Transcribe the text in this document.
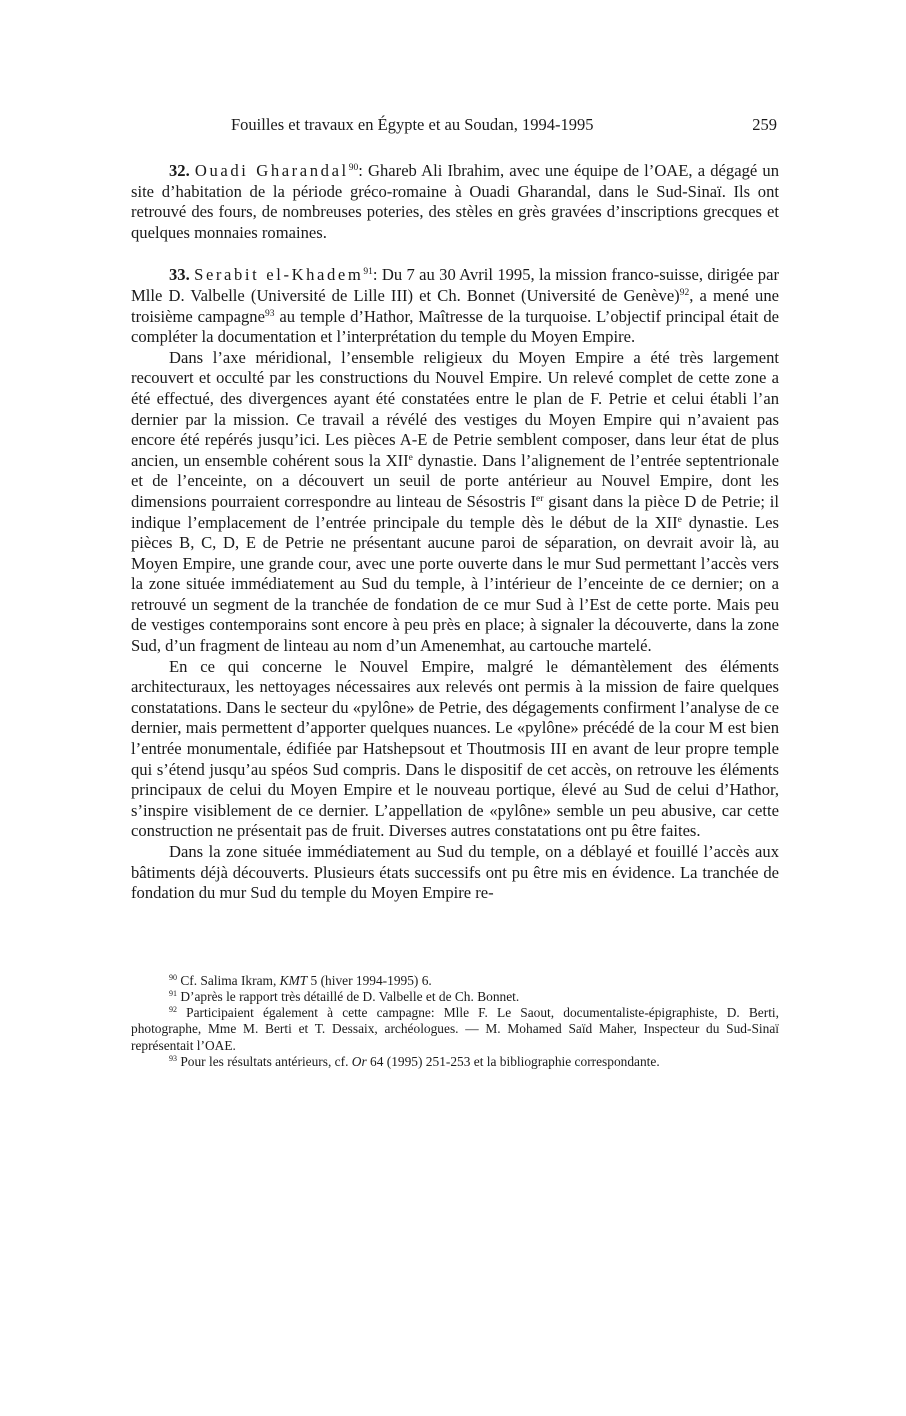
Fouilles et travaux en Égypte et au Soudan, 1994-1995	259

32. Ouadi Gharandal$^{90}$: Ghareb Ali Ibrahim, avec une équipe de l’OAE, a dégagé un site d’habitation de la période gréco-romaine à Ouadi Gharandal, dans le Sud-Sinaï. Ils ont retrouvé des fours, de nombreuses poteries, des stèles en grès gravées d’inscriptions grecques et quelques monnaies romaines.

33. Serabit el-Khadem$^{91}$: Du 7 au 30 Avril 1995, la mission franco-suisse, dirigée par Mlle D. Valbelle (Université de Lille III) et Ch. Bonnet (Université de Genève)$^{92}$, a mené une troisième campagne$^{93}$ au temple d’Hathor, Maîtresse de la turquoise. L’objectif principal était de compléter la documentation et l’interprétation du temple du Moyen Empire.

Dans l’axe méridional, l’ensemble religieux du Moyen Empire a été très largement recouvert et occulté par les constructions du Nouvel Empire. Un relevé complet de cette zone a été effectué, des divergences ayant été constatées entre le plan de F. Petrie et celui établi l’an dernier par la mission. Ce travail a révélé des vestiges du Moyen Empire qui n’avaient pas encore été repérés jusqu’ici. Les pièces A-E de Petrie semblent composer, dans leur état de plus ancien, un ensemble cohérent sous la XIIe dynastie. Dans l’alignement de l’entrée septentrionale et de l’enceinte, on a découvert un seuil de porte antérieur au Nouvel Empire, dont les dimensions pourraient correspondre au linteau de Sésostris Ier gisant dans la pièce D de Petrie; il indique l’emplacement de l’entrée principale du temple dès le début de la XIIe dynastie. Les pièces B, C, D, E de Petrie ne présentant aucune paroi de séparation, on devrait avoir là, au Moyen Empire, une grande cour, avec une porte ouverte dans le mur Sud permettant l’accès vers la zone située immédiatement au Sud du temple, à l’intérieur de l’enceinte de ce dernier; on a retrouvé un segment de la tranchée de fondation de ce mur Sud à l’Est de cette porte. Mais peu de vestiges contemporains sont encore à peu près en place; à signaler la découverte, dans la zone Sud, d’un fragment de linteau au nom d’un Amenemhat, au cartouche martelé.

En ce qui concerne le Nouvel Empire, malgré le démantèlement des éléments architecturaux, les nettoyages nécessaires aux relevés ont permis à la mission de faire quelques constatations. Dans le secteur du «pylône» de Petrie, des dégagements confirment l’analyse de ce dernier, mais permettent d’apporter quelques nuances. Le «pylône» précédé de la cour M est bien l’entrée monumentale, édifiée par Hatshepsout et Thoutmosis III en avant de leur propre temple qui s’étend jusqu’au spéos Sud compris. Dans le dispositif de cet accès, on retrouve les éléments principaux de celui du Moyen Empire et le nouveau portique, élevé au Sud de celui d’Hathor, s’inspire visiblement de ce dernier. L’appellation de «pylône» semble un peu abusive, car cette construction ne présentait pas de fruit. Diverses autres constatations ont pu être faites.

Dans la zone située immédiatement au Sud du temple, on a déblayé et fouillé l’accès aux bâtiments déjà découverts. Plusieurs états successifs ont pu être mis en évidence. La tranchée de fondation du mur Sud du temple du Moyen Empire re-

$^{90}$ Cf. Salima Ikram, KMT 5 (hiver 1994-1995) 6.

$^{91}$ D’après le rapport très détaillé de D. Valbelle et de Ch. Bonnet.

$^{92}$ Participaient également à cette campagne: Mlle F. Le Saout, documentaliste-épigraphiste, D. Berti, photographe, Mme M. Berti et T. Dessaix, archéologues. — M. Mohamed Saïd Maher, Inspecteur du Sud-Sinaï représentait l’OAE.

$^{93}$ Pour les résultats antérieurs, cf. Or 64 (1995) 251-253 et la bibliographie correspondante.
